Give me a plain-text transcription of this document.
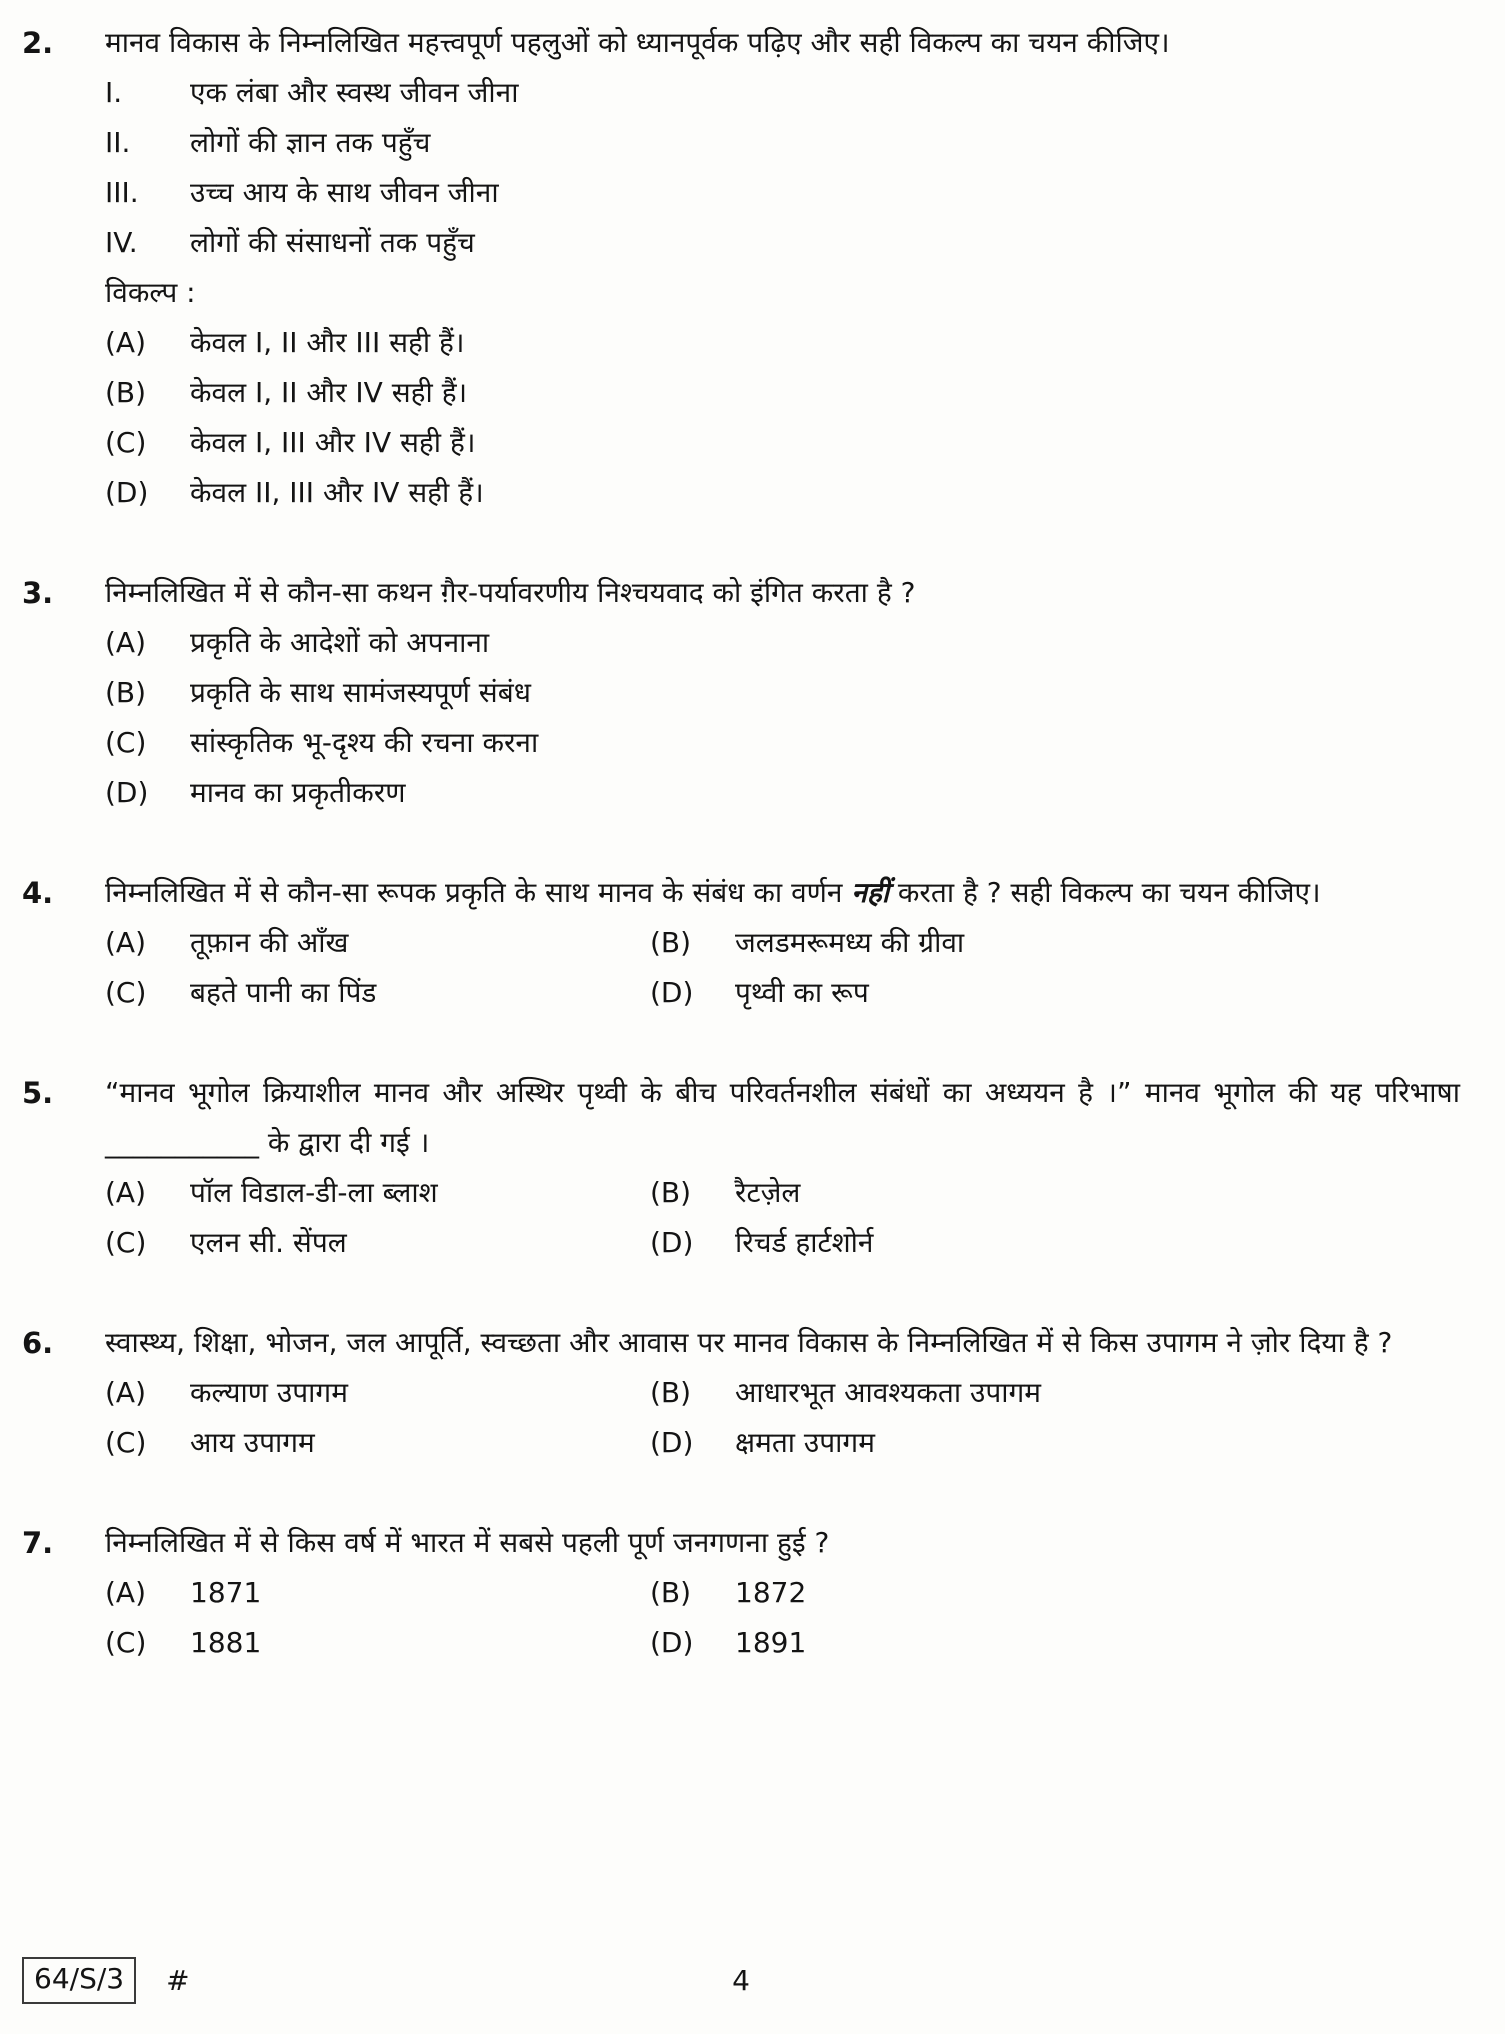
2.	मानव विकास के निम्नलिखित महत्त्वपूर्ण पहलुओं को ध्यानपूर्वक पढ़िए और सही विकल्प का चयन कीजिए।

I.	एक लंबा और स्वस्थ जीवन जीना
II.	लोगों की ज्ञान तक पहुँच
III.	उच्च आय के साथ जीवन जीना
IV.	लोगों की संसाधनों तक पहुँच
विकल्प :
(A)	केवल I, II और III सही हैं।
(B)	केवल I, II और IV सही हैं।
(C)	केवल I, III और IV सही हैं।
(D)	केवल II, III और IV सही हैं।
3.	निम्नलिखित में से कौन-सा कथन ग़ैर-पर्यावरणीय निश्चयवाद को इंगित करता है ?

(A)	प्रकृति के आदेशों को अपनाना
(B)	प्रकृति के साथ सामंजस्यपूर्ण संबंध
(C)	सांस्कृतिक भू-दृश्य की रचना करना
(D)	मानव का प्रकृतीकरण
4.	निम्नलिखित में से कौन-सा रूपक प्रकृति के साथ मानव के संबंध का वर्णन नहीं करता है ? सही विकल्प का चयन कीजिए।

(A)	तूफ़ान की आँख	(B)	जलडमरूमध्य की ग्रीवा
(C)	बहते पानी का पिंड	(D)	पृथ्वी का रूप
5.	“मानव भूगोल क्रियाशील मानव और अस्थिर पृथ्वी के बीच परिवर्तनशील संबंधों का अध्ययन है ।” मानव भूगोल की यह परिभाषा ___________ के द्वारा दी गई ।

(A)	पॉल विडाल-डी-ला ब्लाश	(B)	रैटज़ेल
(C)	एलन सी. सेंपल	(D)	रिचर्ड हार्टशोर्न
6.	स्वास्थ्य, शिक्षा, भोजन, जल आपूर्ति, स्वच्छता और आवास पर मानव विकास के निम्नलिखित में से किस उपागम ने ज़ोर दिया है ?

(A)	कल्याण उपागम	(B)	आधारभूत आवश्यकता उपागम
(C)	आय उपागम	(D)	क्षमता उपागम
7.	निम्नलिखित में से किस वर्ष में भारत में सबसे पहली पूर्ण जनगणना हुई ?

(A)	1871	(B)	1872
(C)	1881	(D)	1891
64/S/3	#	4
